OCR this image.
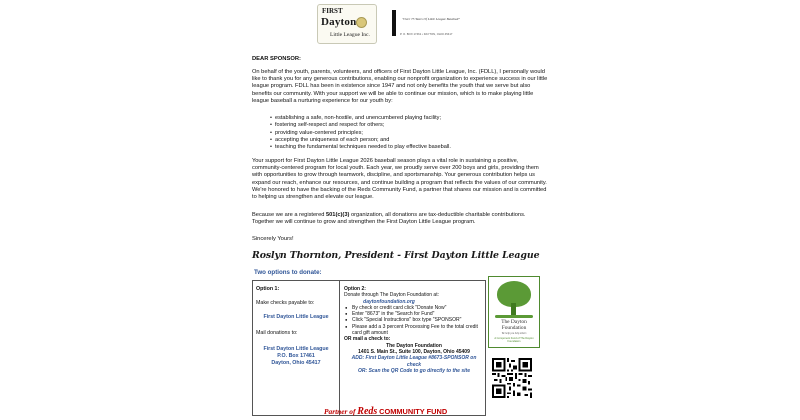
FIRST
Dayton
Little League Inc.
"Over 75 Years Of Little League Baseball"
P. O. BOX 17461 • DAYTON, OHIO 45417
DEAR SPONSOR:
On behalf of the youth, parents, volunteers, and officers of First Dayton Little League, Inc. (FDLL), I personally would like to thank you for any generous contributions, enabling our nonprofit organization to experience success in our little league program. FDLL has been in existence since 1947 and not only benefits the youth that we serve but also benefits our community. With your support we will be able to continue our mission, which is to make playing little league baseball a nurturing experience for our youth by:
• establishing a safe, non-hostile, and unencumbered playing facility;
• fostering self-respect and respect for others;
• providing value-centered principles;
• accepting the uniqueness of each person; and
• teaching the fundamental techniques needed to play effective baseball.
Your support for First Dayton Little League 2026 baseball season plays a vital role in sustaining a positive, community-centered program for local youth. Each year, we proudly serve over 200 boys and girls, providing them with opportunities to grow through teamwork, discipline, and sportsmanship. Your generous contribution helps us expand our reach, enhance our resources, and continue building a program that reflects the values of our community. We're honored to have the backing of the Reds Community Fund, a partner that shares our mission and is committed to helping us strengthen and elevate our league.
Because we are a registered 501(c)(3) organization, all donations are tax-deductible charitable contributions. Together we will continue to grow and strengthen the First Dayton Little League program.
Sincerely Yours!
Roslyn Thornton, President - First Dayton Little League
Two options to donate:
Option 1:
Make checks payable to:
First Dayton Little League
Mail donations to:
First Dayton Little League
P.O. Box 17461
Dayton, Ohio 45417
Option 2:
Donate through The Dayton Foundation at:
daytonfoundation.org
● By check or credit card click "Donate Now"
● Enter "8673" in the "Search for Fund"
● Click "Special Instructions" box type "SPONSOR"
● Please add a 3 percent Processing Fee to the total credit card gift amount
OR mail a check to:
The Dayton Foundation
1401 S. Main St., Suite 100, Dayton, Ohio 45409
ADD: First Dayton Little League #8673-SPONSOR on check
OR: Scan the QR Code to go directly to the site
The Dayton
Foundation
We help you help others
A Component Fund of The Dayton Foundation
Partner of Reds COMMUNITY FUND
